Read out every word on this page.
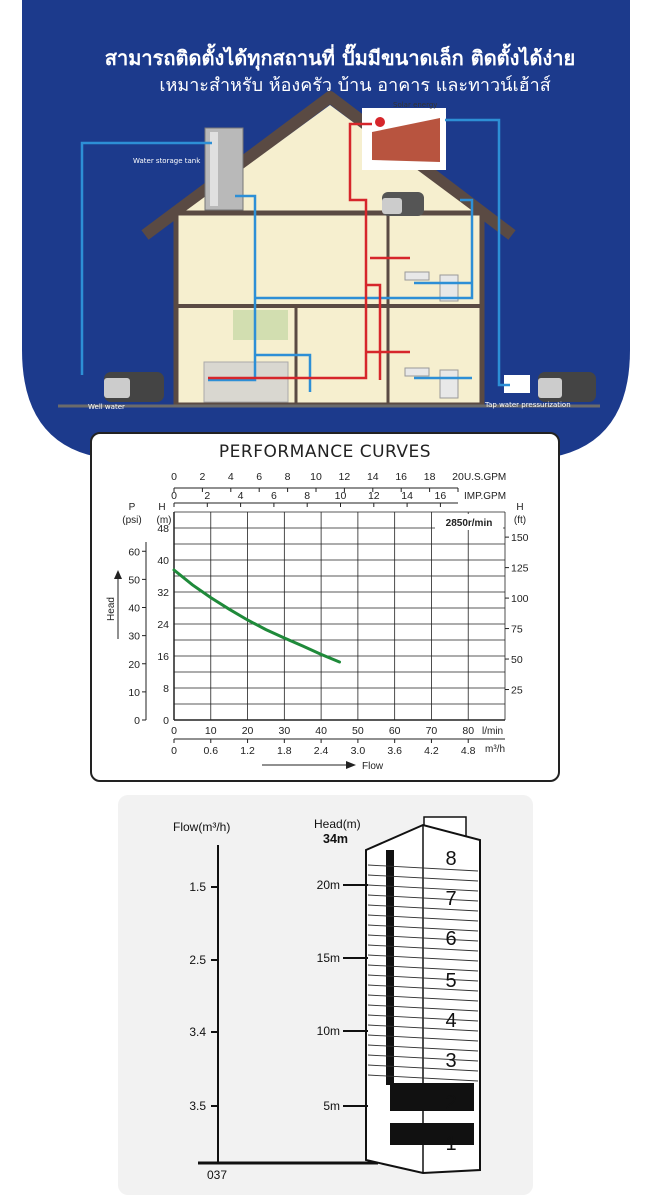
สามารถติดตั้งได้ทุกสถานที่ ปั๊มมีขนาดเล็ก ติดตั้งได้ง่าย
เหมาะสำหรับ ห้องครัว บ้าน อาคาร และทาวน์เฮ้าส์
Water storage tank
Solar energy
Well water	Tap water pressurization
PERFORMANCE CURVES
0 2 4 6 8 10 12 14 16 18 20 U.S.GPM
0	2	4	6	8 10 12 14 16 IMP.GPM
H
(m)
0
8
16
24
32
40
48
P
(psi)
0
10
20
30
40
50
60
Head
H
(ft)
25
50
75
100
125
150
2850r/min
0	10 20 30 40 50 60 70 80 l/min
0	0.6 1.2 1.8 2.4 3.0 3.6 4.2 4.8 m³/h
Flow
Flow(m³/h)	Head(m)
34m
037
1.5
2.5
3.4
3.5
20m
15m
10m
5m
1
2
3
4
5
6
7
8
